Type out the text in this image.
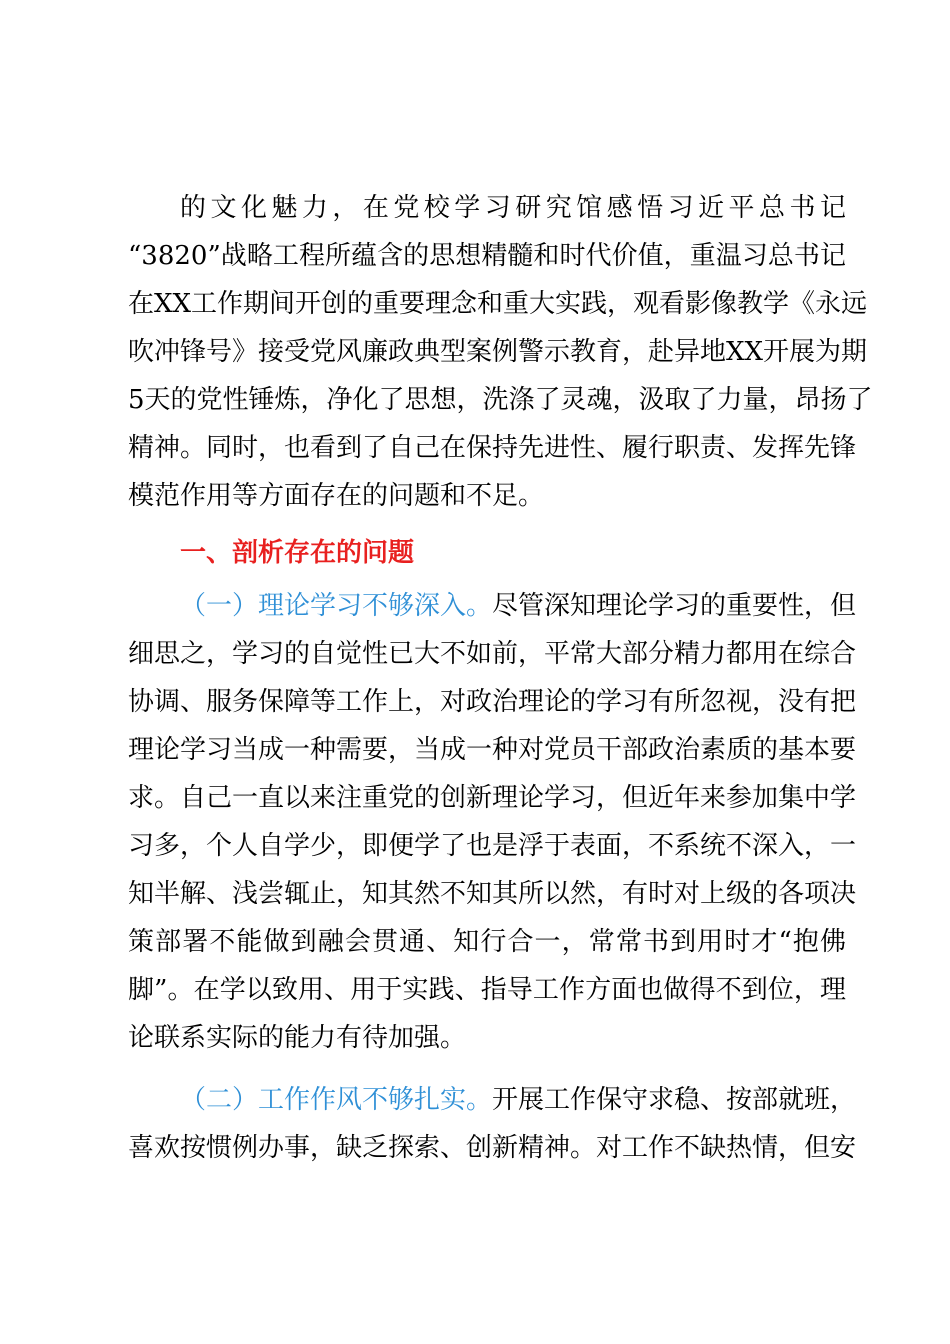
的文化魅力，在党校学习研究馆感悟习近平总书记
“3820”战略工程所蕴含的思想精髓和时代价值，重温习总书记
在XX工作期间开创的重要理念和重大实践，观看影像教学《永远
吹冲锋号》接受党风廉政典型案例警示教育，赴异地XX开展为期
5天的党性锤炼，净化了思想，洗涤了灵魂，汲取了力量，昂扬了
精神。同时，也看到了自己在保持先进性、履行职责、发挥先锋
模范作用等方面存在的问题和不足。
一、剖析存在的问题
（一）理论学习不够深入。尽管深知理论学习的重要性，但
细思之，学习的自觉性已大不如前，平常大部分精力都用在综合
协调、服务保障等工作上，对政治理论的学习有所忽视，没有把
理论学习当成一种需要，当成一种对党员干部政治素质的基本要
求。自己一直以来注重党的创新理论学习，但近年来参加集中学
习多，个人自学少，即便学了也是浮于表面，不系统不深入，一
知半解、浅尝辄止，知其然不知其所以然，有时对上级的各项决
策部署不能做到融会贯通、知行合一，常常书到用时才“抱佛
脚”。在学以致用、用于实践、指导工作方面也做得不到位，理
论联系实际的能力有待加强。
（二）工作作风不够扎实。开展工作保守求稳、按部就班，
喜欢按惯例办事，缺乏探索、创新精神。对工作不缺热情，但安
